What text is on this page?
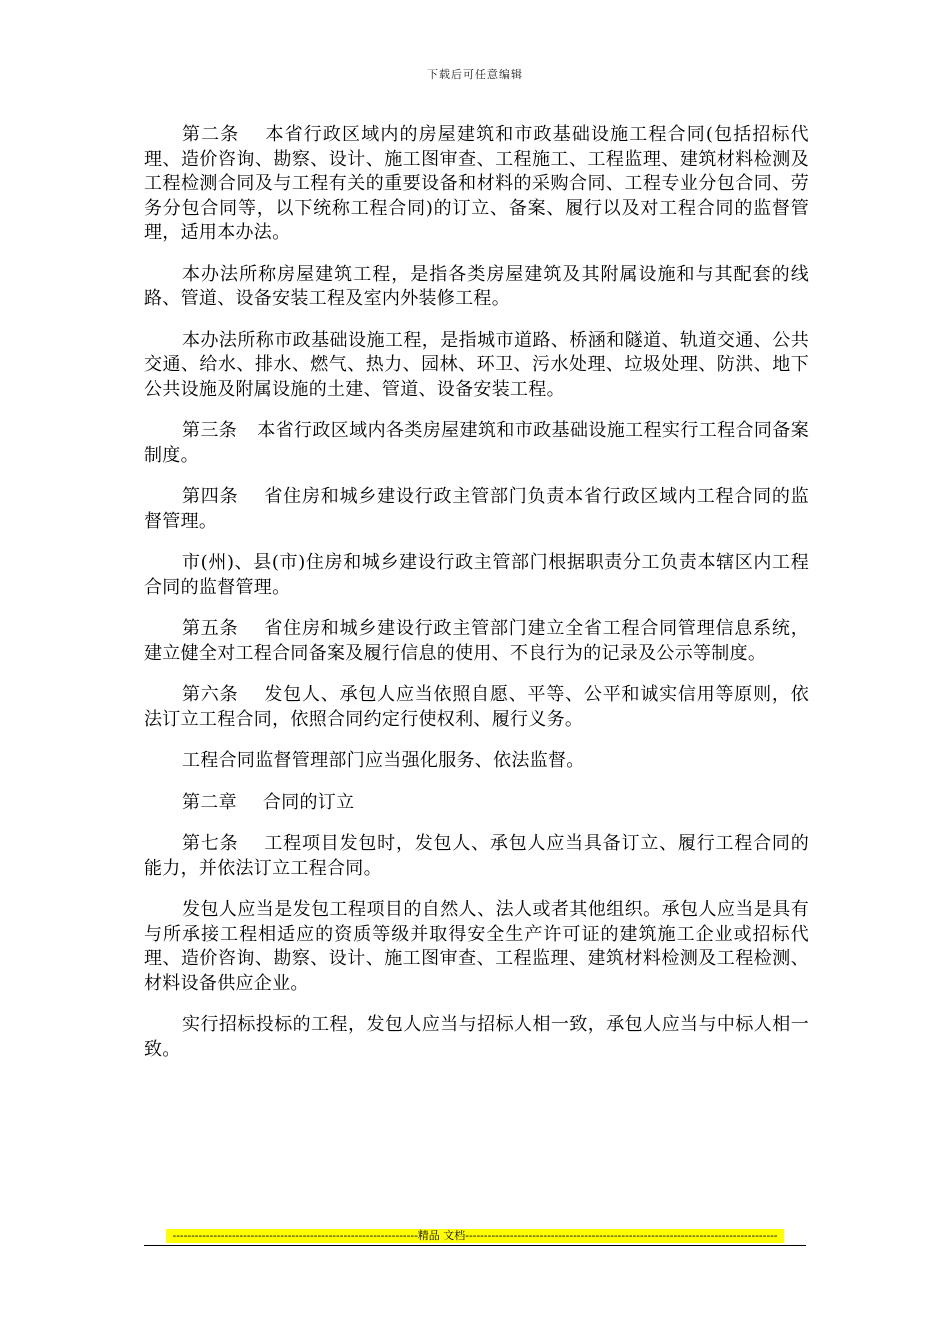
下载后可任意编辑

第二条 本省行政区域内的房屋建筑和市政基础设施工程合同(包括招标代理、造价咨询、勘察、设计、施工图审查、工程施工、工程监理、建筑材料检测及工程检测合同及与工程有关的重要设备和材料的采购合同、工程专业分包合同、劳务分包合同等，以下统称工程合同)的订立、备案、履行以及对工程合同的监督管理，适用本办法。

本办法所称房屋建筑工程，是指各类房屋建筑及其附属设施和与其配套的线路、管道、设备安装工程及室内外装修工程。

本办法所称市政基础设施工程，是指城市道路、桥涵和隧道、轨道交通、公共交通、给水、排水、燃气、热力、园林、环卫、污水处理、垃圾处理、防洪、地下公共设施及附属设施的土建、管道、设备安装工程。

第三条 本省行政区域内各类房屋建筑和市政基础设施工程实行工程合同备案制度。

第四条 省住房和城乡建设行政主管部门负责本省行政区域内工程合同的监督管理。

市(州)、县(市)住房和城乡建设行政主管部门根据职责分工负责本辖区内工程合同的监督管理。

第五条 省住房和城乡建设行政主管部门建立全省工程合同管理信息系统，建立健全对工程合同备案及履行信息的使用、不良行为的记录及公示等制度。

第六条 发包人、承包人应当依照自愿、平等、公平和诚实信用等原则，依法订立工程合同，依照合同约定行使权利、履行义务。

工程合同监督管理部门应当强化服务、依法监督。

第二章 合同的订立

第七条 工程项目发包时，发包人、承包人应当具备订立、履行工程合同的能力，并依法订立工程合同。

发包人应当是发包工程项目的自然人、法人或者其他组织。承包人应当是具有与所承接工程相适应的资质等级并取得安全生产许可证的建筑施工企业或招标代理、造价咨询、勘察、设计、施工图审查、工程监理、建筑材料检测及工程检测、材料设备供应企业。

实行招标投标的工程，发包人应当与招标人相一致，承包人应当与中标人相一致。

------------------------------------------------------------------精品 文档------------------------------------------------------------------------------------
